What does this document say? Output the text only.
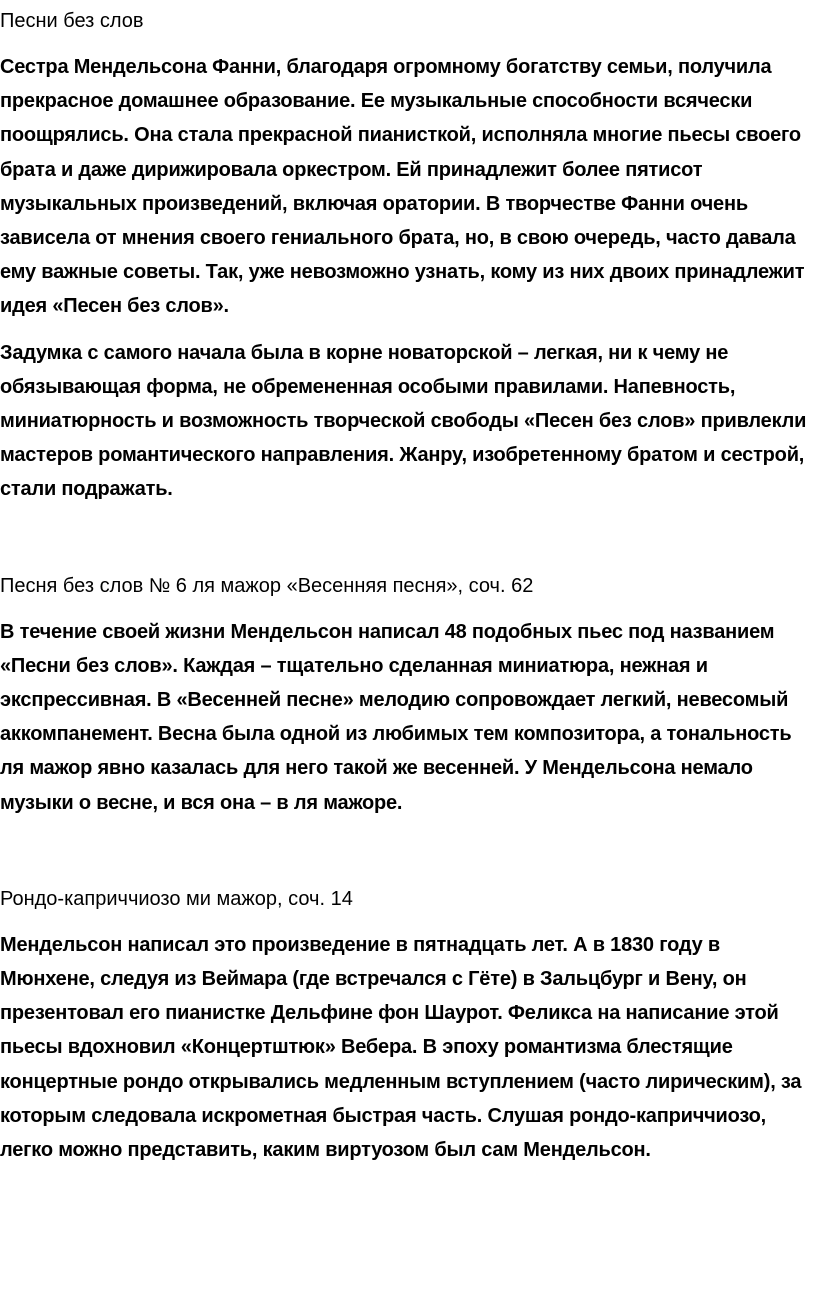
Песни без слов

Сестра Мендельсона Фанни, благодаря огромному богатству семьи, получила прекрасное домашнее образование. Ее музыкальные способности всячески поощрялись. Она стала прекрасной пианисткой, исполняла многие пьесы своего брата и даже дирижировала оркестром. Ей принадлежит более пятисот музыкальных произведений, включая оратории. В творчестве Фанни очень зависела от мнения своего гениального брата, но, в свою очередь, часто давала ему важные советы. Так, уже невозможно узнать, кому из них двоих принадлежит идея «Песен без слов».

Задумка с самого начала была в корне новаторской – легкая, ни к чему не обязывающая форма, не обремененная особыми правилами. Напевность, миниатюрность и возможность творческой свободы «Песен без слов» привлекли мастеров романтического направления. Жанру, изобретенному братом и сестрой, стали подражать.

Песня без слов № 6 ля мажор «Весенняя песня», соч. 62

В течение своей жизни Мендельсон написал 48 подобных пьес под названием «Песни без слов». Каждая – тщательно сделанная миниатюра, нежная и экспрессивная. В «Весенней песне» мелодию сопровождает легкий, невесомый аккомпанемент. Весна была одной из любимых тем композитора, а тональность ля мажор явно казалась для него такой же весенней. У Мендельсона немало музыки о весне, и вся она – в ля мажоре.

Рондо-каприччиозо ми мажор, соч. 14

Мендельсон написал это произведение в пятнадцать лет. А в 1830 году в Мюнхене, следуя из Веймара (где встречался с Гёте) в Зальцбург и Вену, он презентовал его пианистке Дельфине фон Шаурот. Феликса на написание этой пьесы вдохновил «Концертштюк» Вебера. В эпоху романтизма блестящие концертные рондо открывались медленным вступлением (часто лирическим), за которым следовала искрометная быстрая часть. Слушая рондо-каприччиозо, легко можно представить, каким виртуозом был сам Мендельсон.
